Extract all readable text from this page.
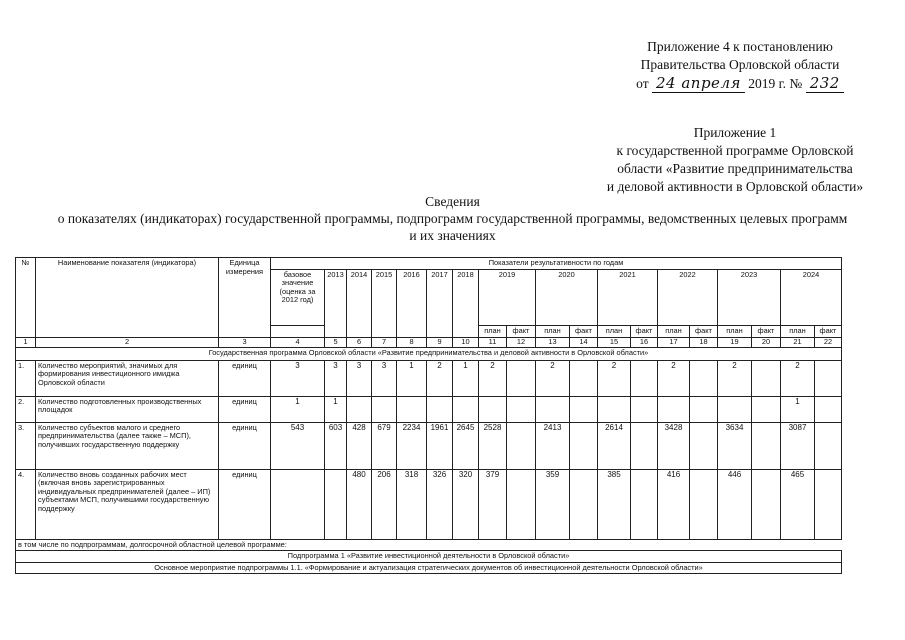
Приложение 4 к постановлению
Правительства Орловской области
от 24 апреля 2019 г. № 232
Приложение 1
к государственной программе Орловской
области «Развитие предпринимательства
и деловой активности в Орловской области»
Сведения
о показателях (индикаторах) государственной программы, подпрограмм государственной программы, ведомственных целевых программ и их значениях
№	Наименование показателя (индикатора)	Единица измерения	Показатели результативности по годам																		
			базовое значение (оценка за 2012 год)	2013	2014	2015	2016	2017	2018	2019		2020		2021		2022		2023		2024	
										план	факт	план	факт	план	факт	план	факт	план	факт	план	факт
1	2	3	4	5	6	7	8	9	10	11	12	13	14	15	16	17	18	19	20	21	22
Государственная программа Орловской области «Развитие предпринимательства и деловой активности в Орловской области»																					
1.	Количество мероприятий, значимых для формирования инвестиционного имиджа Орловской области	единиц	3	3	3	3	1	2	1	2		2		2		2		2		2	
2.	Количество подготовленных производственных площадок	единиц	1	1																1	
3.	Количество субъектов малого и среднего предпринимательства (далее также – МСП), получивших государственную поддержку	единиц	543	603	428	679	2234	1961	2645	2528		2413		2614		3428		3634		3087	
4.	Количество вновь созданных рабочих мест (включая вновь зарегистрированных индивидуальных предпринимателей (далее – ИП) субъектами МСП, получившими государственную поддержку	единиц			480	206	318	326	320	379		359		385		416		446		465	
в том числе по подпрограммам, долгосрочной областной целевой программе:																					
Подпрограмма 1 «Развитие инвестиционной деятельности в Орловской области»																					
Основное мероприятие подпрограммы 1.1. «Формирование и актуализация стратегических документов об инвестиционной деятельности Орловской области»																					
